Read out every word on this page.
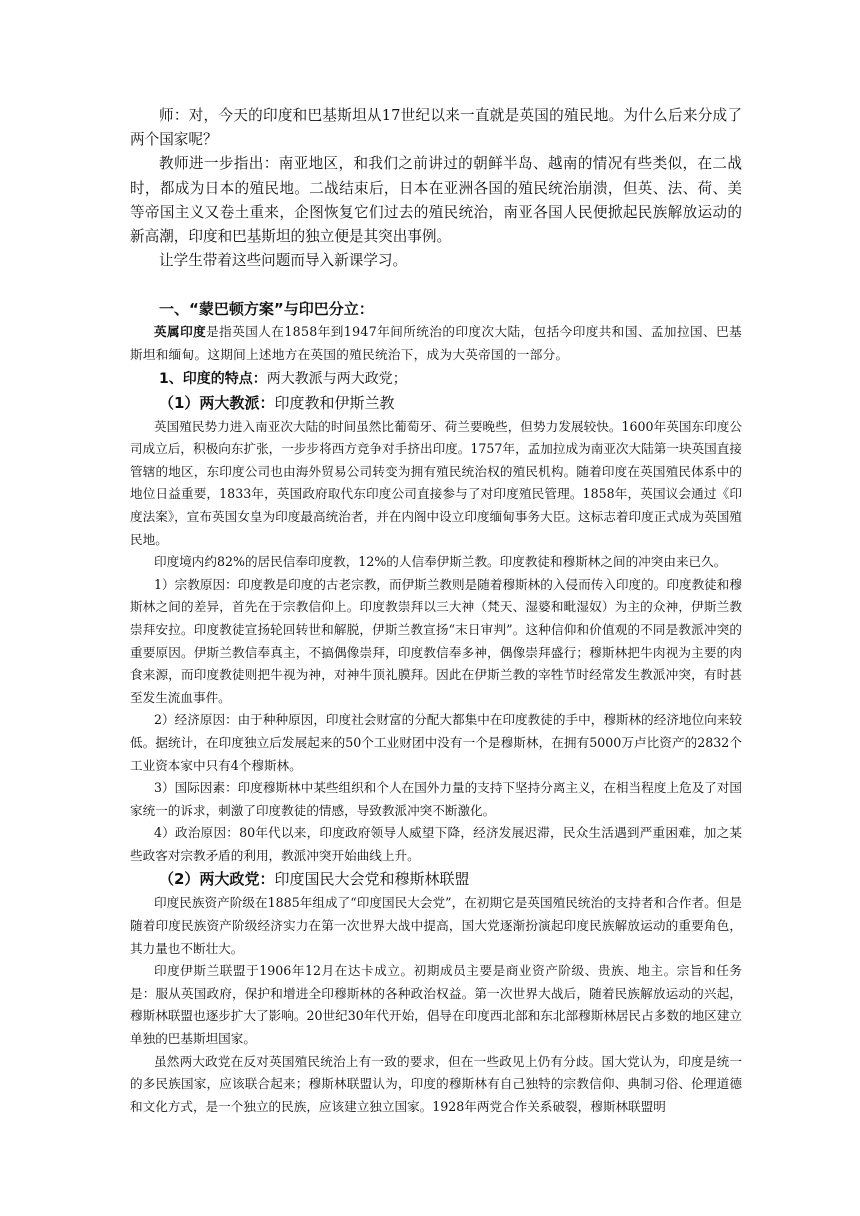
师：对，今天的印度和巴基斯坦从17世纪以来一直就是英国的殖民地。为什么后来分成了两个国家呢？

教师进一步指出：南亚地区，和我们之前讲过的朝鲜半岛、越南的情况有些类似，在二战时，都成为日本的殖民地。二战结束后，日本在亚洲各国的殖民统治崩溃，但英、法、荷、美等帝国主义又卷土重来，企图恢复它们过去的殖民统治，南亚各国人民便掀起民族解放运动的新高潮，印度和巴基斯坦的独立便是其突出事例。

让学生带着这些问题而导入新课学习。

一、“蒙巴顿方案”与印巴分立：

英属印度是指英国人在1858年到1947年间所统治的印度次大陆，包括今印度共和国、孟加拉国、巴基斯坦和缅甸。这期间上述地方在英国的殖民统治下，成为大英帝国的一部分。

1、印度的特点：两大教派与两大政党；

（1）两大教派：印度教和伊斯兰教

英国殖民势力进入南亚次大陆的时间虽然比葡萄牙、荷兰要晚些，但势力发展较快。1600年英国东印度公司成立后，积极向东扩张，一步步将西方竞争对手挤出印度。1757年，孟加拉成为南亚次大陆第一块英国直接管辖的地区，东印度公司也由海外贸易公司转变为拥有殖民统治权的殖民机构。随着印度在英国殖民体系中的地位日益重要，1833年，英国政府取代东印度公司直接参与了对印度殖民管理。1858年，英国议会通过《印度法案》，宣布英国女皇为印度最高统治者，并在内阁中设立印度缅甸事务大臣。这标志着印度正式成为英国殖民地。

印度境内约82%的居民信奉印度教，12%的人信奉伊斯兰教。印度教徒和穆斯林之间的冲突由来已久。

1）宗教原因：印度教是印度的古老宗教，而伊斯兰教则是随着穆斯林的入侵而传入印度的。印度教徒和穆斯林之间的差异，首先在于宗教信仰上。印度教崇拜以三大神（梵天、湿婆和毗湿奴）为主的众神，伊斯兰教崇拜安拉。印度教徒宣扬轮回转世和解脱，伊斯兰教宣扬“末日审判”。这种信仰和价值观的不同是教派冲突的重要原因。伊斯兰教信奉真主，不搞偶像崇拜，印度教信奉多神，偶像崇拜盛行；穆斯林把牛肉视为主要的肉食来源，而印度教徒则把牛视为神，对神牛顶礼膜拜。因此在伊斯兰教的宰牲节时经常发生教派冲突，有时甚至发生流血事件。

2）经济原因：由于种种原因，印度社会财富的分配大都集中在印度教徒的手中，穆斯林的经济地位向来较低。据统计，在印度独立后发展起来的50个工业财团中没有一个是穆斯林，在拥有5000万卢比资产的2832个工业资本家中只有4个穆斯林。

3）国际因素：印度穆斯林中某些组织和个人在国外力量的支持下坚持分离主义，在相当程度上危及了对国家统一的诉求，刺激了印度教徒的情感，导致教派冲突不断激化。

4）政治原因：80年代以来，印度政府领导人威望下降，经济发展迟滞，民众生活遇到严重困难，加之某些政客对宗教矛盾的利用，教派冲突开始曲线上升。

（2）两大政党：印度国民大会党和穆斯林联盟

印度民族资产阶级在1885年组成了“印度国民大会党”，在初期它是英国殖民统治的支持者和合作者。但是随着印度民族资产阶级经济实力在第一次世界大战中提高，国大党逐渐扮演起印度民族解放运动的重要角色，其力量也不断壮大。

印度伊斯兰联盟于1906年12月在达卡成立。初期成员主要是商业资产阶级、贵族、地主。宗旨和任务是：服从英国政府，保护和增进全印穆斯林的各种政治权益。第一次世界大战后，随着民族解放运动的兴起，穆斯林联盟也逐步扩大了影响。20世纪30年代开始，倡导在印度西北部和东北部穆斯林居民占多数的地区建立单独的巴基斯坦国家。

虽然两大政党在反对英国殖民统治上有一致的要求，但在一些政见上仍有分歧。国大党认为，印度是统一的多民族国家，应该联合起来；穆斯林联盟认为，印度的穆斯林有自己独特的宗教信仰、典制习俗、伦理道德和文化方式，是一个独立的民族，应该建立独立国家。1928年两党合作关系破裂，穆斯林联盟明
